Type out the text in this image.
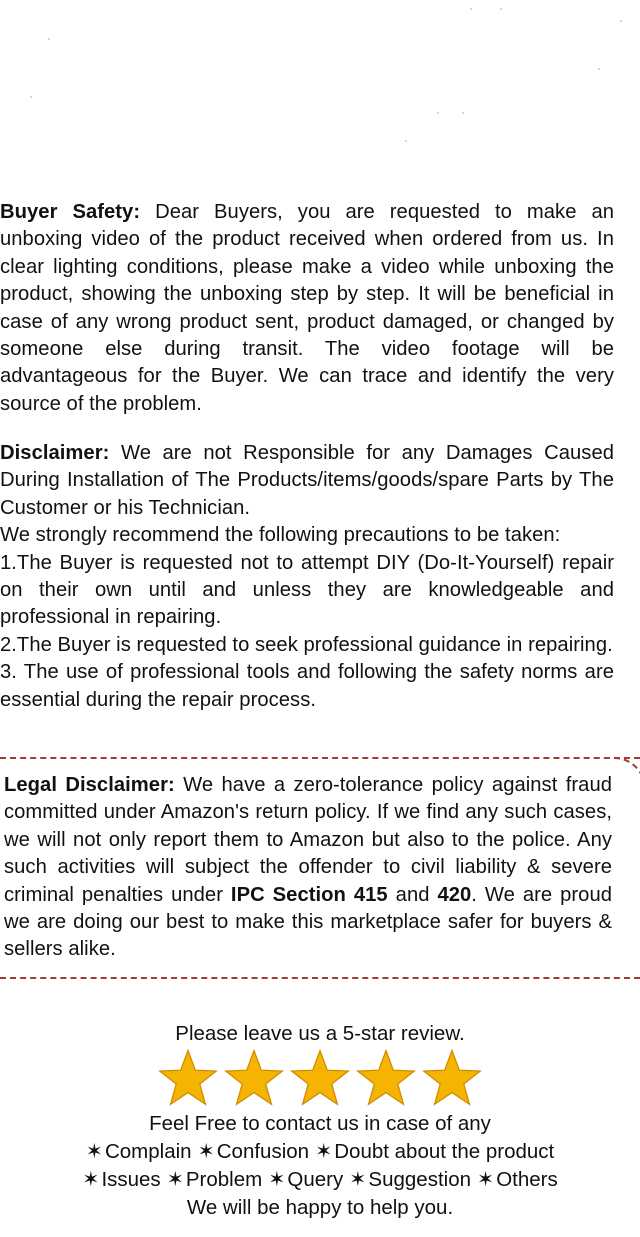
Buyer Safety: Dear Buyers, you are requested to make an unboxing video of the product received when ordered from us. In clear lighting conditions, please make a video while unboxing the product, showing the unboxing step by step. It will be beneficial in case of any wrong product sent, product damaged, or changed by someone else during transit. The video footage will be advantageous for the Buyer. We can trace and identify the very source of the problem.

Disclaimer: We are not Responsible for any Damages Caused During Installation of The Products/items/goods/spare Parts by The Customer or his Technician.
We strongly recommend the following precautions to be taken:
1.The Buyer is requested not to attempt DIY (Do-It-Yourself) repair on their own until and unless they are knowledgeable and professional in repairing.
2.The Buyer is requested to seek professional guidance in repairing.
3. The use of professional tools and following the safety norms are essential during the repair process.

Legal Disclaimer: We have a zero-tolerance policy against fraud committed under Amazon's return policy. If we find any such cases, we will not only report them to Amazon but also to the police. Any such activities will subject the offender to civil liability & severe criminal penalties under IPC Section 415 and 420. We are proud we are doing our best to make this marketplace safer for buyers & sellers alike.

Please leave us a 5-star review.
Feel Free to contact us in case of any
✶Complain ✶Confusion ✶Doubt about the product
✶Issues ✶Problem ✶Query ✶Suggestion ✶Others
We will be happy to help you.
